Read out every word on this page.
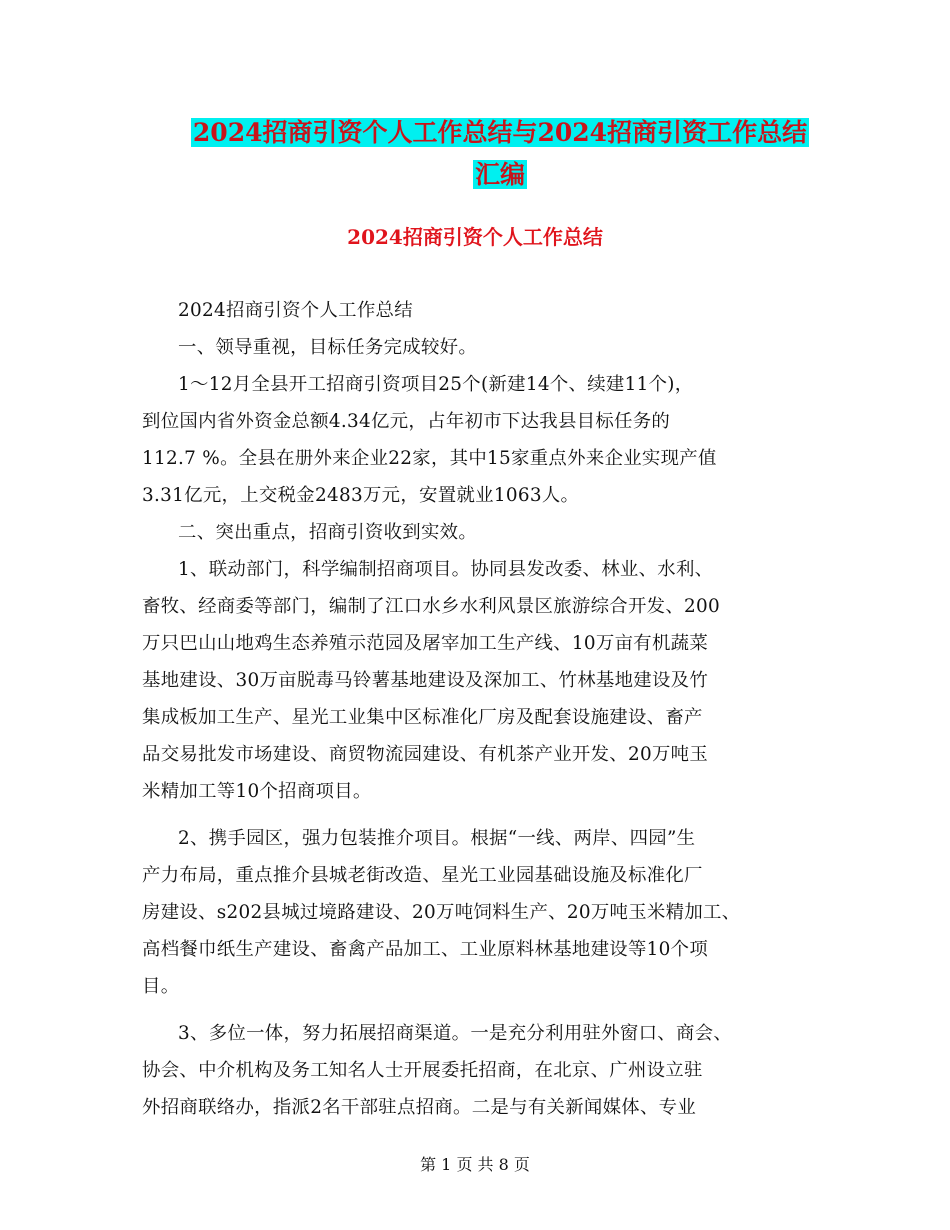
2024招商引资个人工作总结与2024招商引资工作总结
汇编
2024招商引资个人工作总结

2024招商引资个人工作总结

一、领导重视，目标任务完成较好。

1～12月全县开工招商引资项目25个(新建14个、续建11个)，
到位国内省外资金总额4.34亿元，占年初市下达我县目标任务的
112.7 %。全县在册外来企业22家，其中15家重点外来企业实现产值
3.31亿元，上交税金2483万元，安置就业1063人。

二、突出重点，招商引资收到实效。

1、联动部门，科学编制招商项目。协同县发改委、林业、水利、
畜牧、经商委等部门，编制了江口水乡水利风景区旅游综合开发、200
万只巴山山地鸡生态养殖示范园及屠宰加工生产线、10万亩有机蔬菜
基地建设、30万亩脱毒马铃薯基地建设及深加工、竹林基地建设及竹
集成板加工生产、星光工业集中区标准化厂房及配套设施建设、畜产
品交易批发市场建设、商贸物流园建设、有机茶产业开发、20万吨玉
米精加工等10个招商项目。

2、携手园区，强力包装推介项目。根据“一线、两岸、四园”生
产力布局，重点推介县城老街改造、星光工业园基础设施及标准化厂
房建设、s202县城过境路建设、20万吨饲料生产、20万吨玉米精加工、
高档餐巾纸生产建设、畜禽产品加工、工业原料林基地建设等10个项
目。

3、多位一体，努力拓展招商渠道。一是充分利用驻外窗口、商会、
协会、中介机构及务工知名人士开展委托招商，在北京、广州设立驻
外招商联络办，指派2名干部驻点招商。二是与有关新闻媒体、专业

第 1 页 共 8 页
